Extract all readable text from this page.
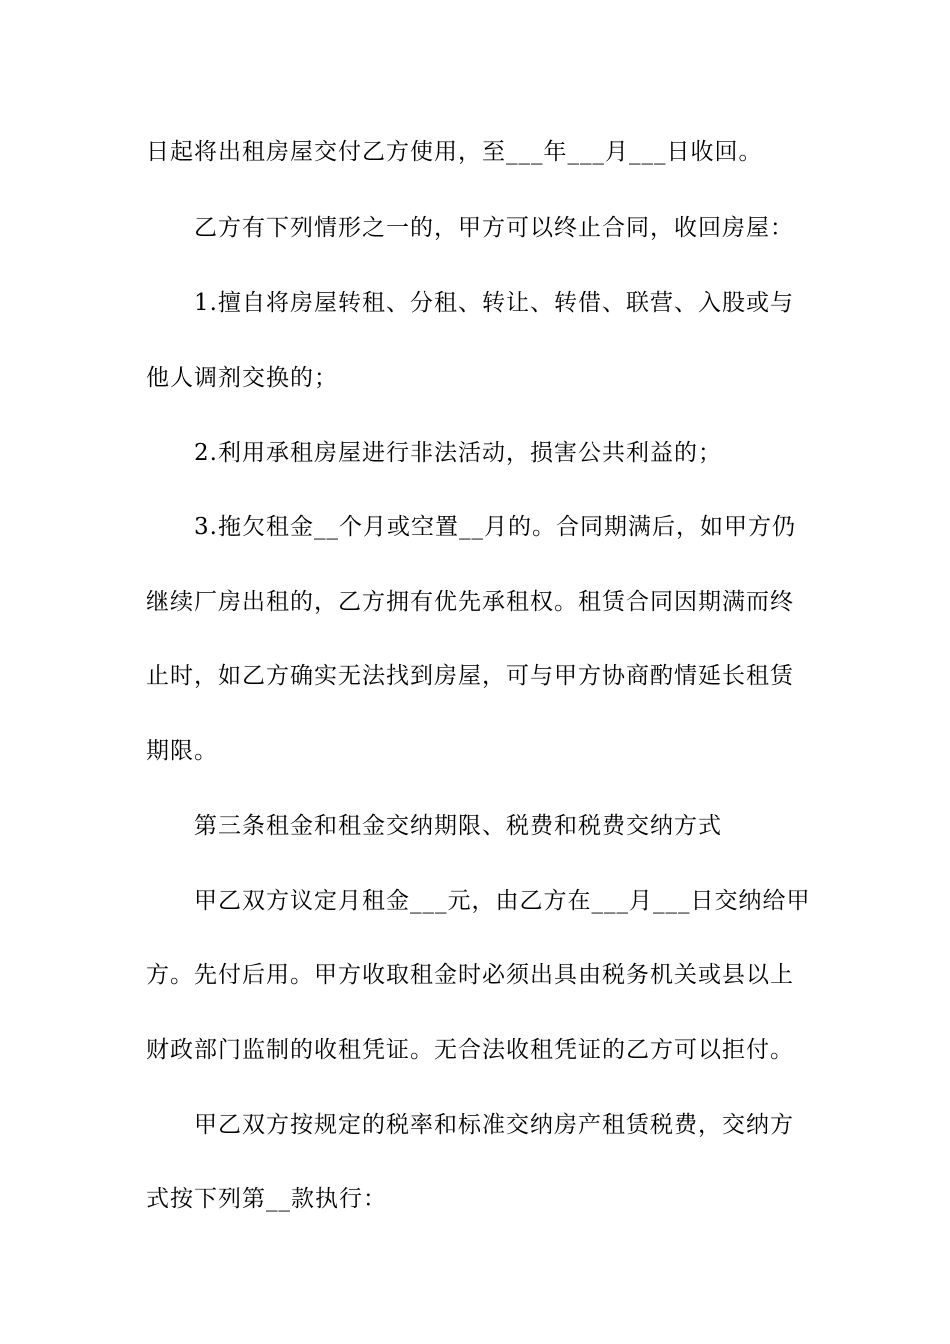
日起将出租房屋交付乙方使用，至___年___月___日收回。
乙方有下列情形之一的，甲方可以终止合同，收回房屋：
1.擅自将房屋转租、分租、转让、转借、联营、入股或与
他人调剂交换的；
2.利用承租房屋进行非法活动，损害公共利益的；
3.拖欠租金__个月或空置__月的。合同期满后，如甲方仍
继续厂房出租的，乙方拥有优先承租权。租赁合同因期满而终
止时，如乙方确实无法找到房屋，可与甲方协商酌情延长租赁
期限。
第三条租金和租金交纳期限、税费和税费交纳方式
甲乙双方议定月租金___元，由乙方在___月___日交纳给甲
方。先付后用。甲方收取租金时必须出具由税务机关或县以上
财政部门监制的收租凭证。无合法收租凭证的乙方可以拒付。
甲乙双方按规定的税率和标准交纳房产租赁税费，交纳方
式按下列第__款执行：
